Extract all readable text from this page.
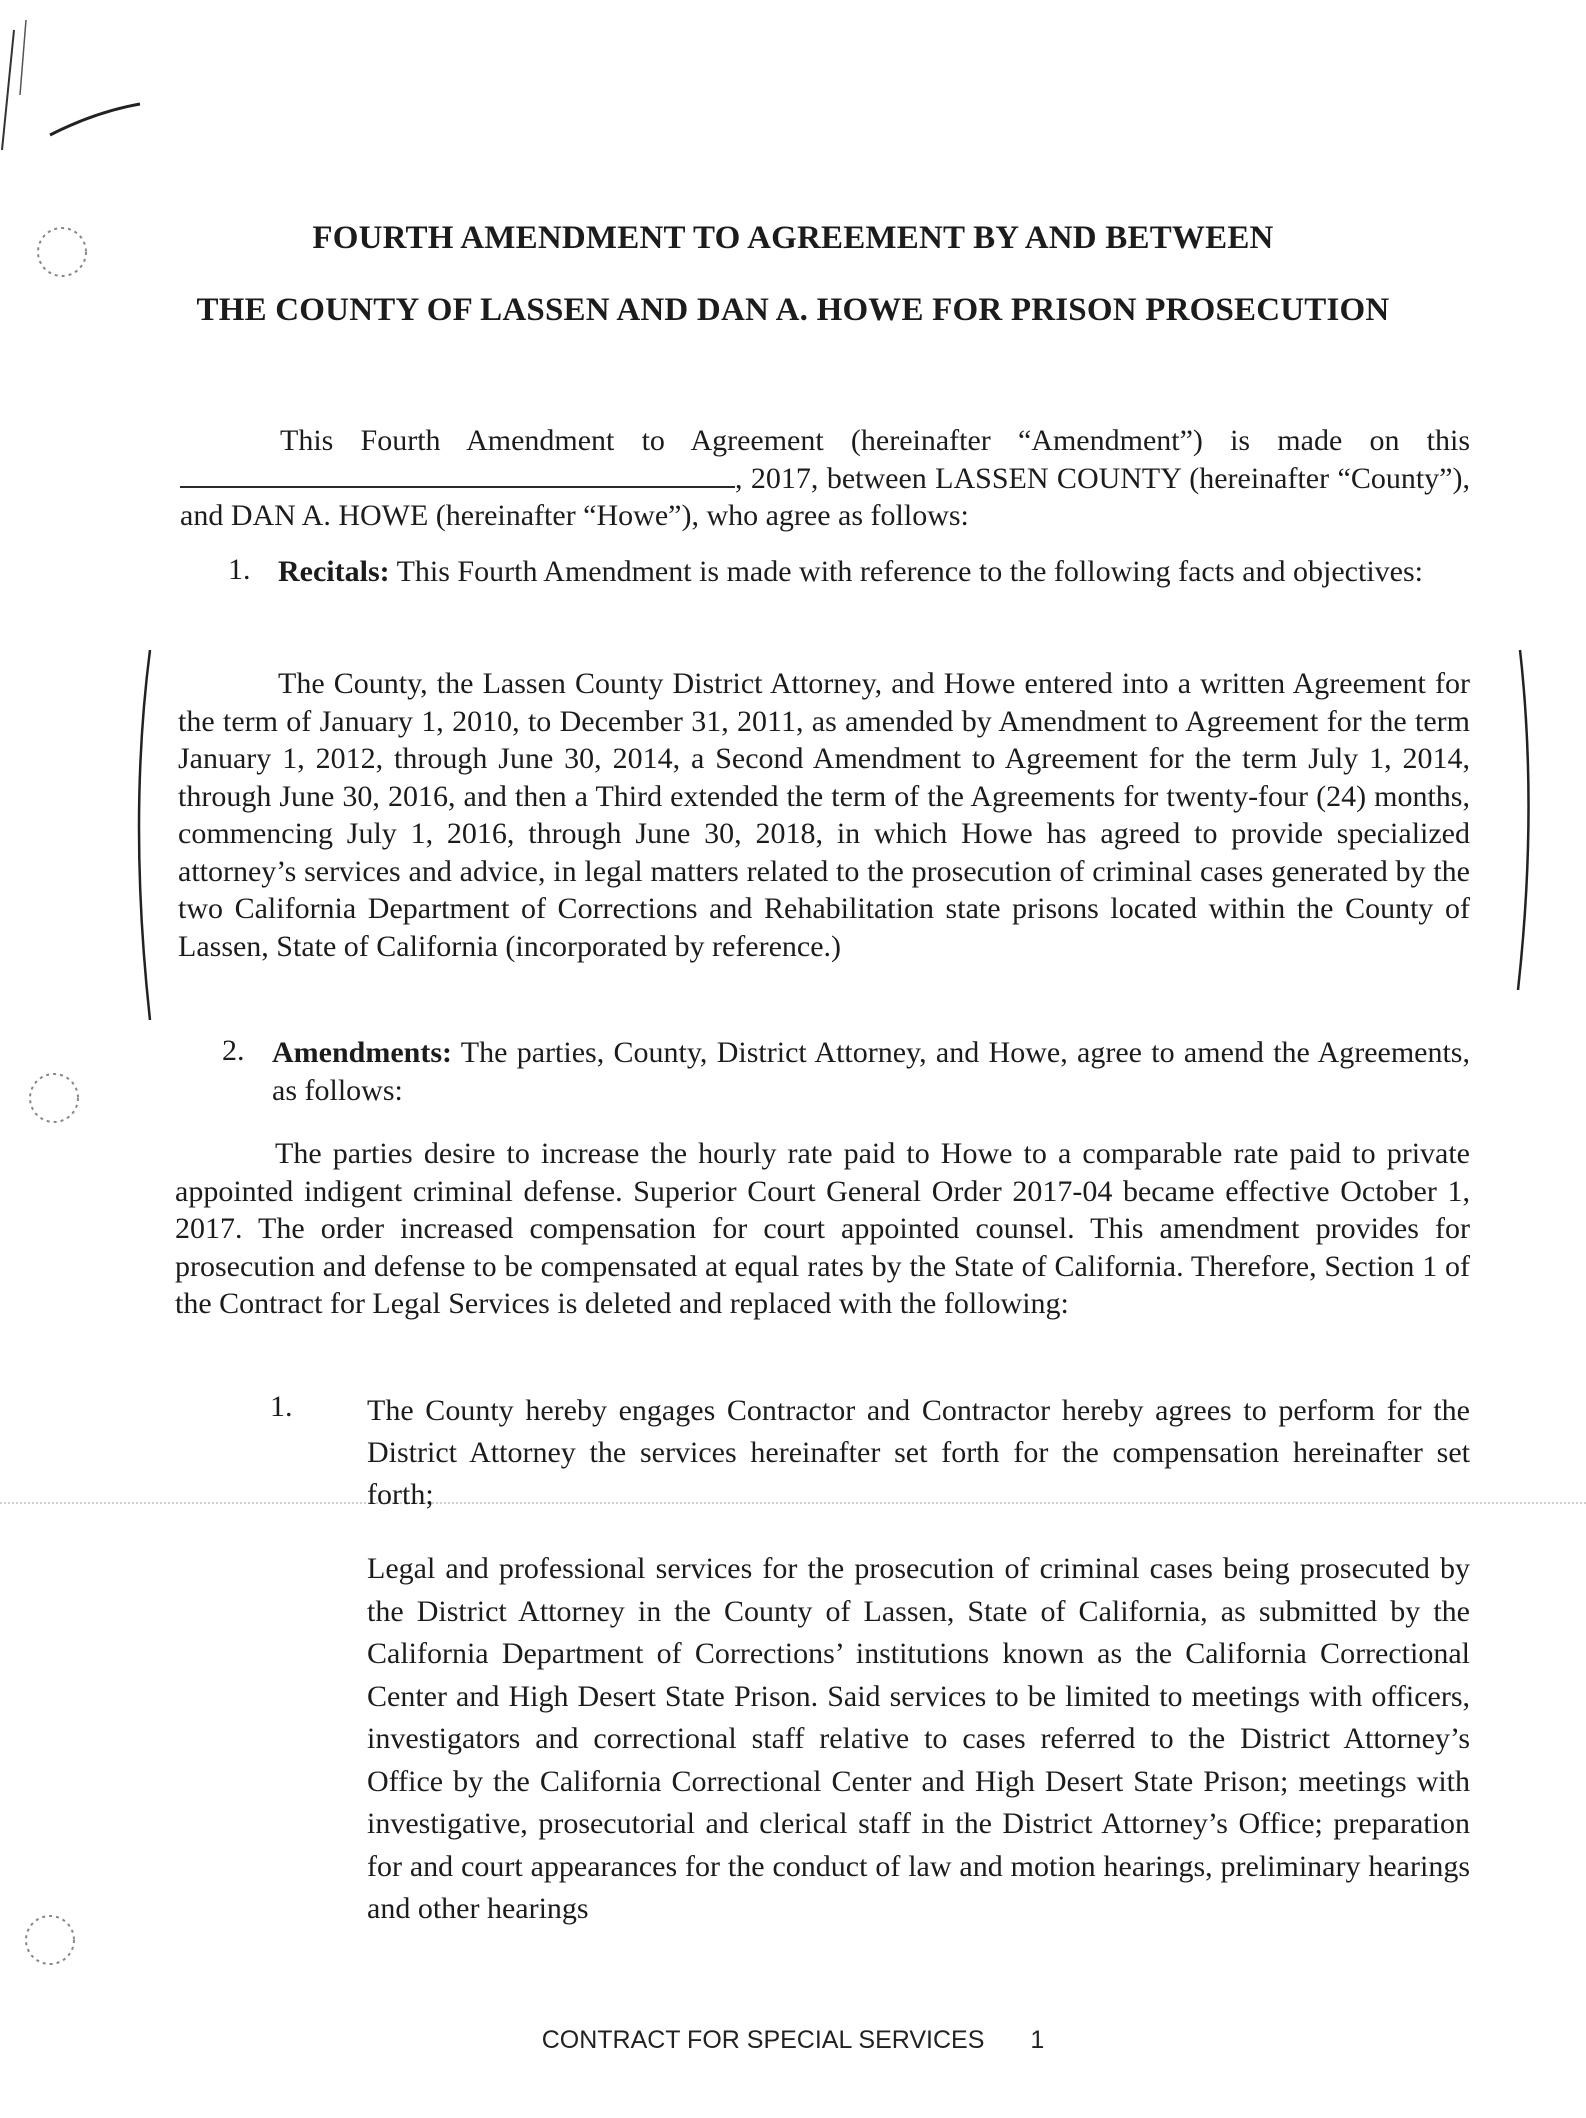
FOURTH AMENDMENT TO AGREEMENT BY AND BETWEEN
THE COUNTY OF LASSEN AND DAN A. HOWE FOR PRISON PROSECUTION

This Fourth Amendment to Agreement (hereinafter “Amendment”) is made on this , 2017, between LASSEN COUNTY (hereinafter “County”), and DAN A. HOWE (hereinafter “Howe”), who agree as follows:

1. Recitals: This Fourth Amendment is made with reference to the following facts and objectives:

The County, the Lassen County District Attorney, and Howe entered into a written Agreement for the term of January 1, 2010, to December 31, 2011, as amended by Amendment to Agreement for the term January 1, 2012, through June 30, 2014, a Second Amendment to Agreement for the term July 1, 2014, through June 30, 2016, and then a Third extended the term of the Agreements for twenty-four (24) months, commencing July 1, 2016, through June 30, 2018, in which Howe has agreed to provide specialized attorney’s services and advice, in legal matters related to the prosecution of criminal cases generated by the two California Department of Corrections and Rehabilitation state prisons located within the County of Lassen, State of California (incorporated by reference.)

2. Amendments: The parties, County, District Attorney, and Howe, agree to amend the Agreements, as follows:

The parties desire to increase the hourly rate paid to Howe to a comparable rate paid to private appointed indigent criminal defense. Superior Court General Order 2017-04 became effective October 1, 2017. The order increased compensation for court appointed counsel. This amendment provides for prosecution and defense to be compensated at equal rates by the State of California. Therefore, Section 1 of the Contract for Legal Services is deleted and replaced with the following:

1. The County hereby engages Contractor and Contractor hereby agrees to perform for the District Attorney the services hereinafter set forth for the compensation hereinafter set forth;

Legal and professional services for the prosecution of criminal cases being prosecuted by the District Attorney in the County of Lassen, State of California, as submitted by the California Department of Corrections’ institutions known as the California Correctional Center and High Desert State Prison. Said services to be limited to meetings with officers, investigators and correctional staff relative to cases referred to the District Attorney’s Office by the California Correctional Center and High Desert State Prison; meetings with investigative, prosecutorial and clerical staff in the District Attorney’s Office; preparation for and court appearances for the conduct of law and motion hearings, preliminary hearings and other hearings

CONTRACT FOR SPECIAL SERVICES 1
